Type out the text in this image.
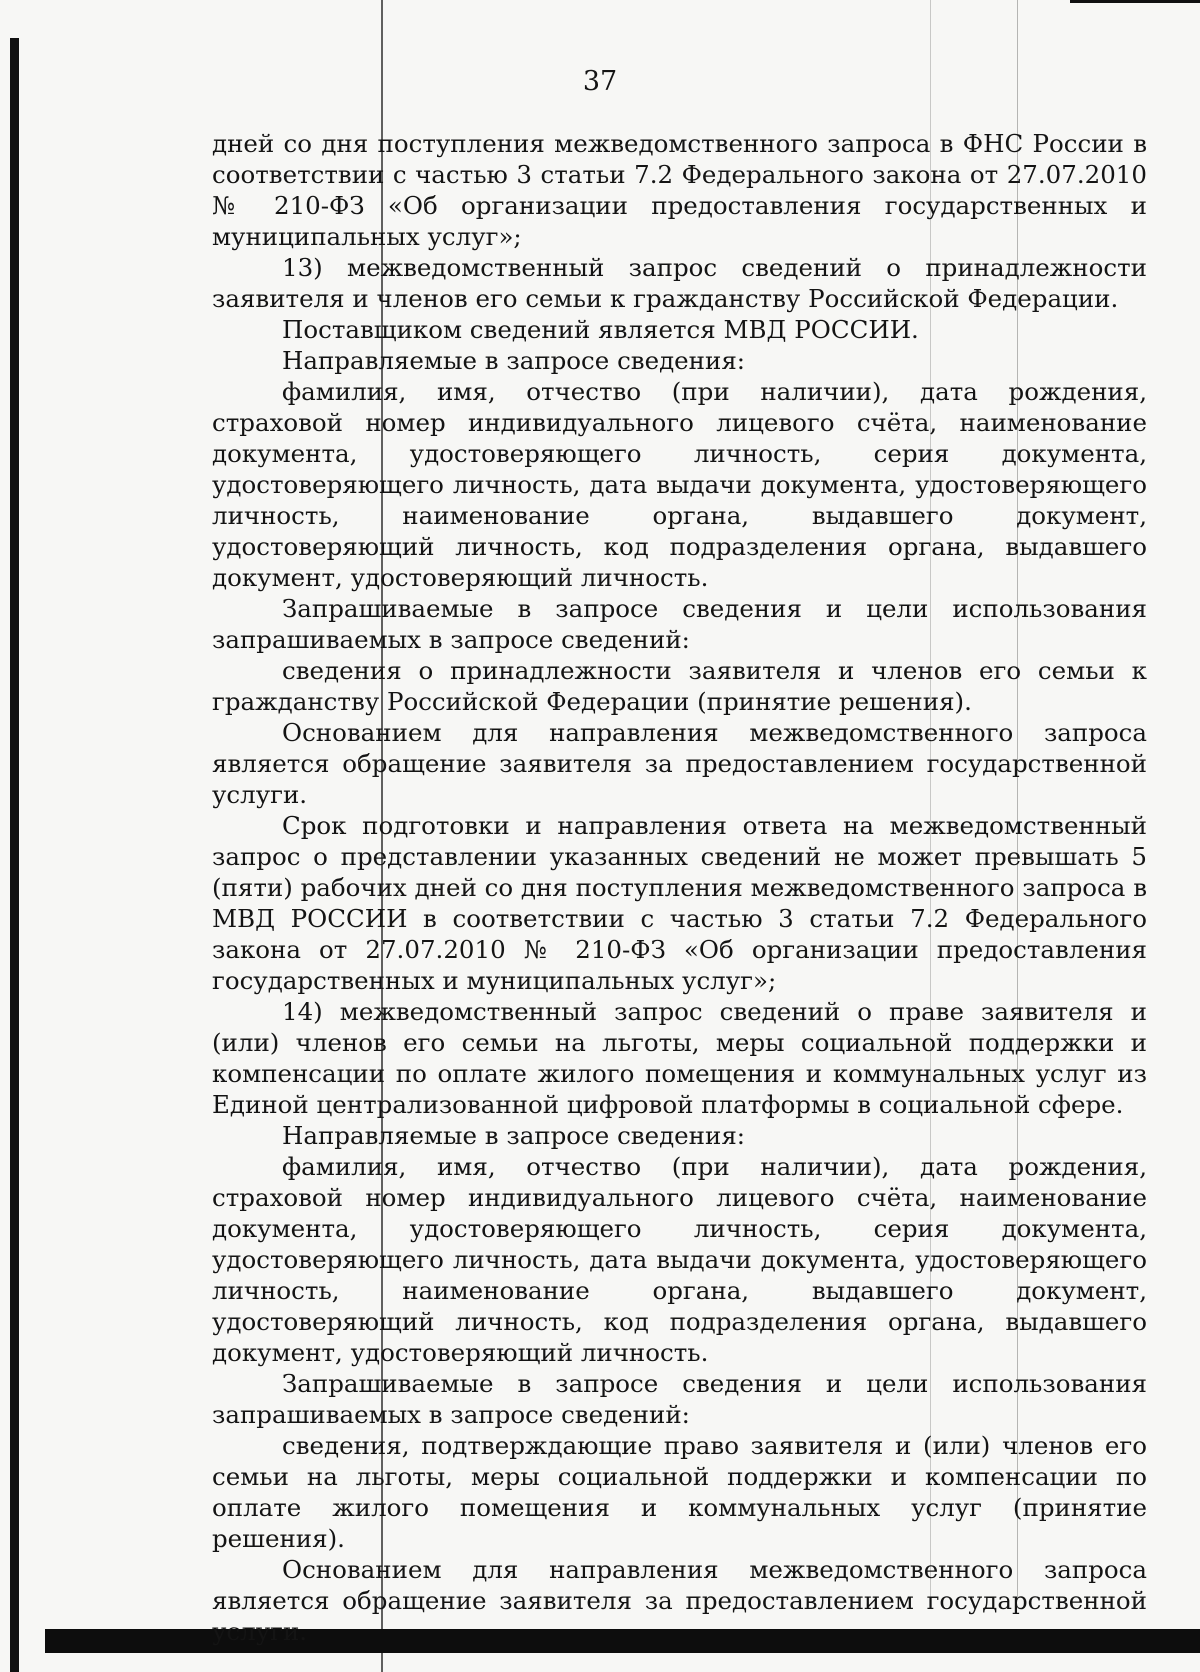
37

дней со дня поступления межведомственного запроса в ФНС России в соответствии с частью 3 статьи 7.2 Федерального закона от 27.07.2010 № 210-ФЗ «Об организации предоставления государственных и муниципальных услуг»;

13) межведомственный запрос сведений о принадлежности заявителя и членов его семьи к гражданству Российской Федерации.

Поставщиком сведений является МВД РОССИИ.

Направляемые в запросе сведения:

фамилия, имя, отчество (при наличии), дата рождения, страховой номер индивидуального лицевого счёта, наименование документа, удостоверяющего личность, серия документа, удостоверяющего личность, дата выдачи документа, удостоверяющего личность, наименование органа, выдавшего документ, удостоверяющий личность, код подразделения органа, выдавшего документ, удостоверяющий личность.

Запрашиваемые в запросе сведения и цели использования запрашиваемых в запросе сведений:

сведения о принадлежности заявителя и членов его семьи к гражданству Российской Федерации (принятие решения).

Основанием для направления межведомственного запроса является обращение заявителя за предоставлением государственной услуги.

Срок подготовки и направления ответа на межведомственный запрос о представлении указанных сведений не может превышать 5 (пяти) рабочих дней со дня поступления межведомственного запроса в МВД РОССИИ в соответствии с частью 3 статьи 7.2 Федерального закона от 27.07.2010 № 210-ФЗ «Об организации предоставления государственных и муниципальных услуг»;

14) межведомственный запрос сведений о праве заявителя и (или) членов его семьи на льготы, меры социальной поддержки и компенсации по оплате жилого помещения и коммунальных услуг из Единой централизованной цифровой платформы в социальной сфере.

Направляемые в запросе сведения:

фамилия, имя, отчество (при наличии), дата рождения, страховой номер индивидуального лицевого счёта, наименование документа, удостоверяющего личность, серия документа, удостоверяющего личность, дата выдачи документа, удостоверяющего личность, наименование органа, выдавшего документ, удостоверяющий личность, код подразделения органа, выдавшего документ, удостоверяющий личность.

Запрашиваемые в запросе сведения и цели использования запрашиваемых в запросе сведений:

сведения, подтверждающие право заявителя и (или) членов его семьи на льготы, меры социальной поддержки и компенсации по оплате жилого помещения и коммунальных услуг (принятие решения).

Основанием для направления межведомственного запроса является обращение заявителя за предоставлением государственной услуги.
